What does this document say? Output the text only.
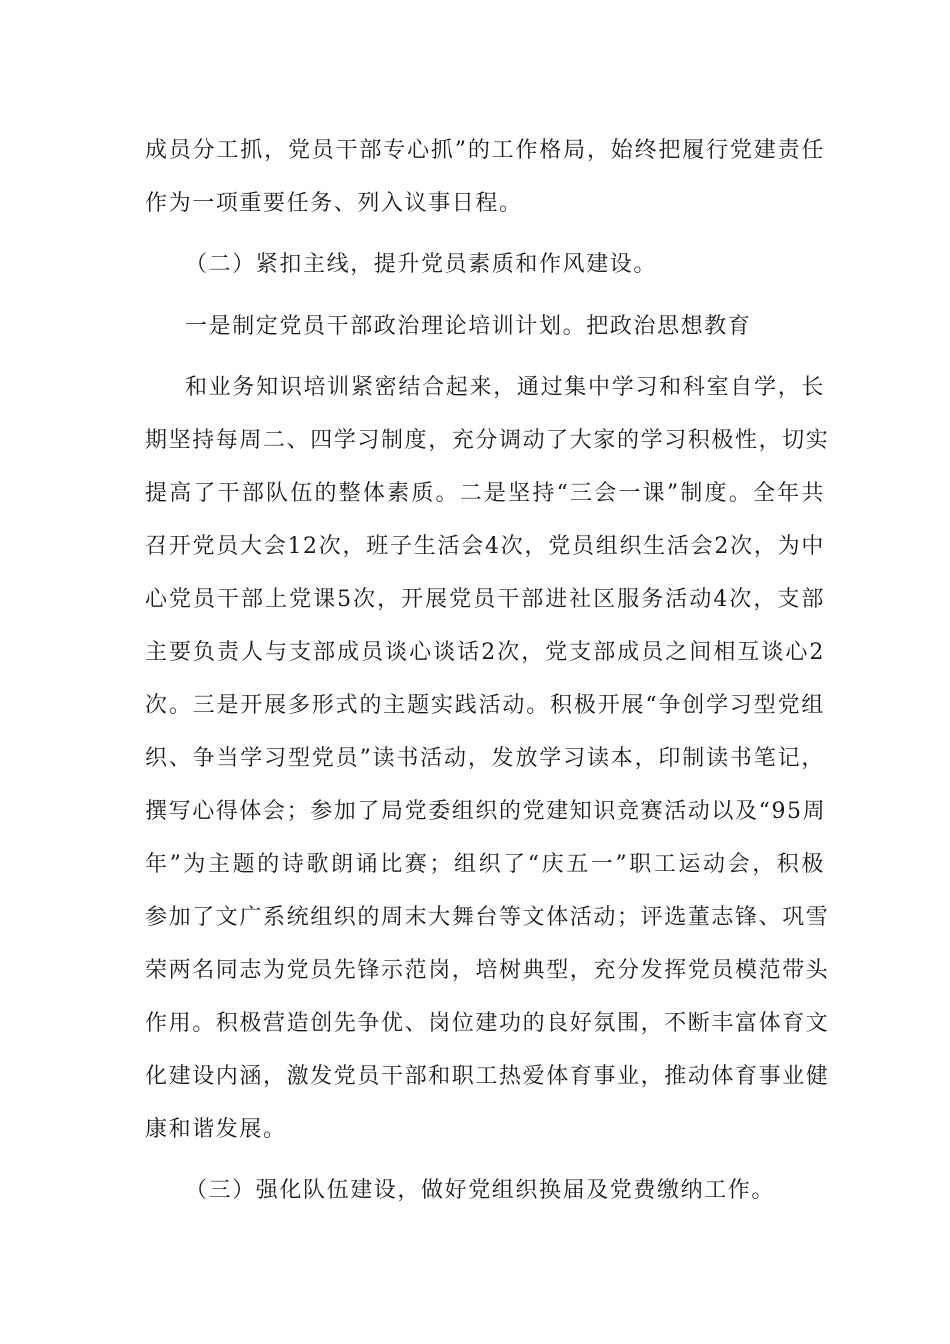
成员分工抓，党员干部专心抓”的工作格局，始终把履行党建责任
作为一项重要任务、列入议事日程。
（二）紧扣主线，提升党员素质和作风建设。
一是制定党员干部政治理论培训计划。把政治思想教育
和业务知识培训紧密结合起来，通过集中学习和科室自学，长
期坚持每周二、四学习制度，充分调动了大家的学习积极性，切实
提高了干部队伍的整体素质。二是坚持“三会一课”制度。全年共
召开党员大会12次，班子生活会4次，党员组织生活会2次，为中
心党员干部上党课5次，开展党员干部进社区服务活动4次，支部
主要负责人与支部成员谈心谈话2次，党支部成员之间相互谈心2
次。三是开展多形式的主题实践活动。积极开展“争创学习型党组
织、争当学习型党员”读书活动，发放学习读本，印制读书笔记，
撰写心得体会；参加了局党委组织的党建知识竞赛活动以及“95周
年”为主题的诗歌朗诵比赛；组织了“庆五一”职工运动会，积极
参加了文广系统组织的周末大舞台等文体活动；评选董志锋、巩雪
荣两名同志为党员先锋示范岗，培树典型，充分发挥党员模范带头
作用。积极营造创先争优、岗位建功的良好氛围，不断丰富体育文
化建设内涵，激发党员干部和职工热爱体育事业，推动体育事业健
康和谐发展。
（三）强化队伍建设，做好党组织换届及党费缴纳工作。
